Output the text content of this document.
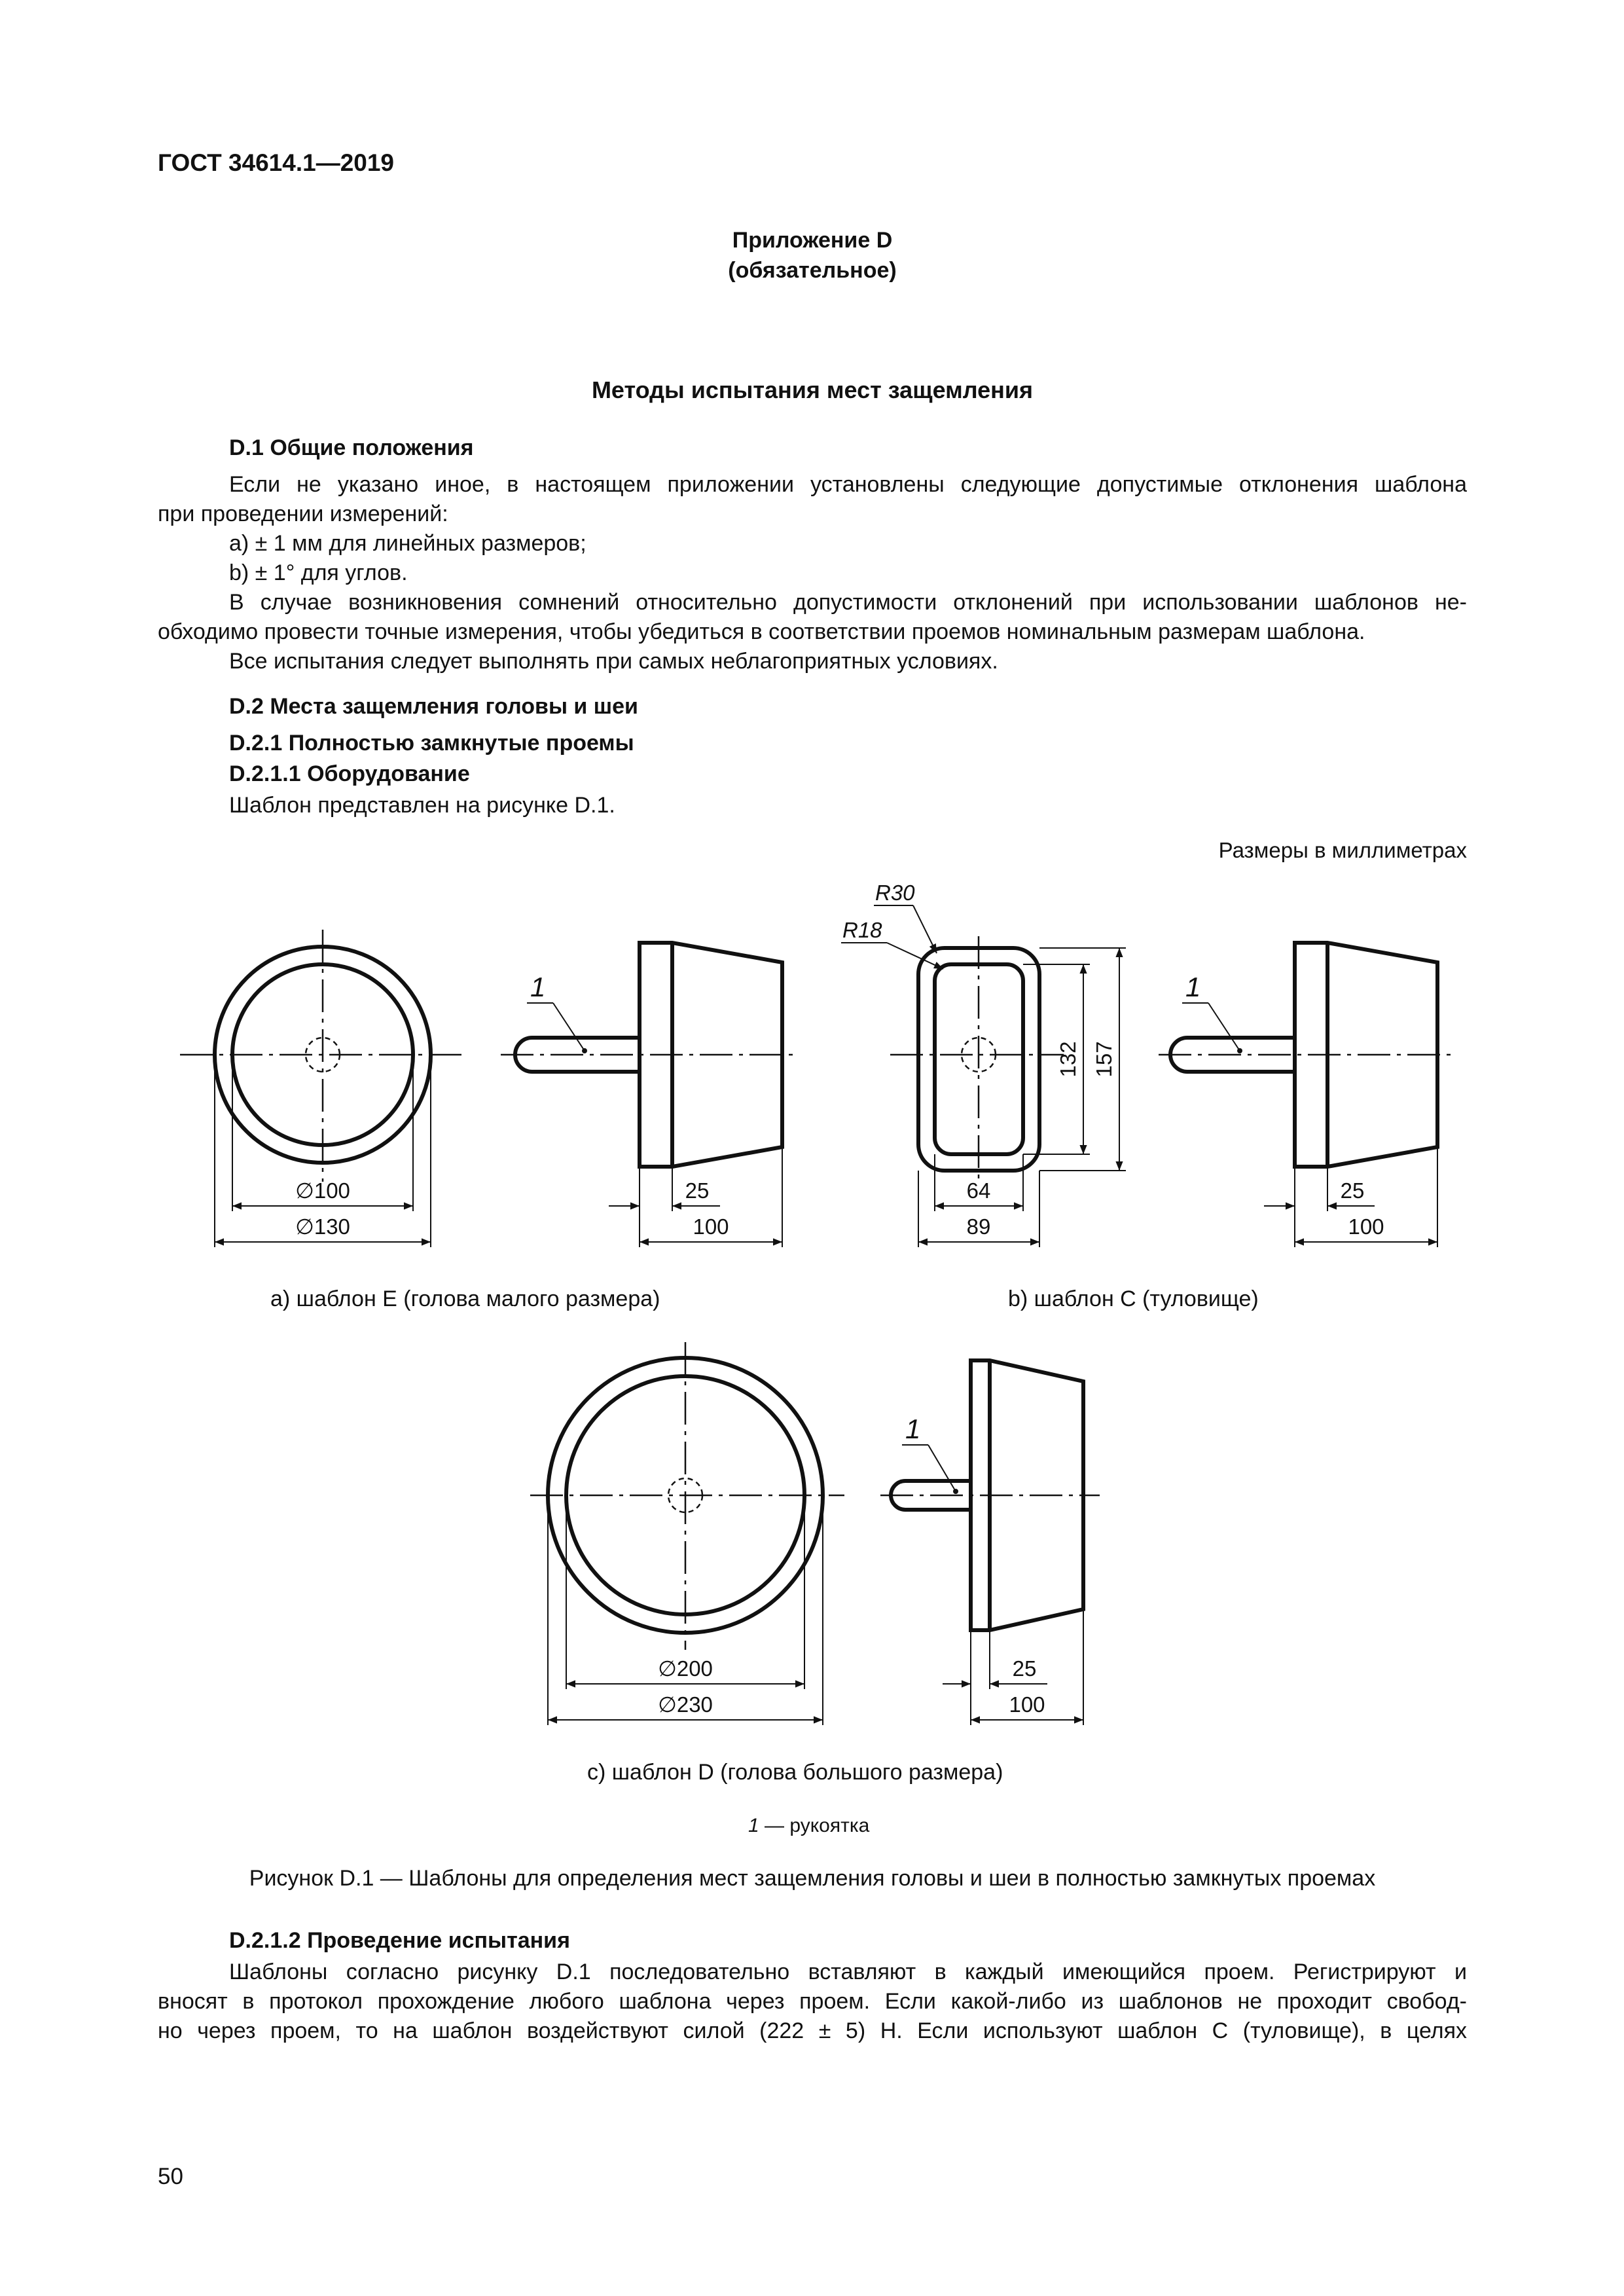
ГОСТ 34614.1—2019
Приложение D
(обязательное)
Методы испытания мест защемления
D.1 Общие положения
Если не указано иное, в настоящем приложении установлены следующие допустимые отклонения шаблона
при проведении измерений:
a) ± 1 мм для линейных размеров;
b) ± 1° для углов.
В случае возникновения сомнений относительно допустимости отклонений при использовании шаблонов не-
обходимо провести точные измерения, чтобы убедиться в соответствии проемов номинальным размерам шаблона.
Все испытания следует выполнять при самых неблагоприятных условиях.
D.2 Места защемления головы и шеи
D.2.1 Полностью замкнутые проемы
D.2.1.1 Оборудование
Шаблон представлен на рисунке D.1.
Размеры в миллиметрах
∅100
∅130
1
25
100
R30
R18
132 157
64
89
1
25
100
∅200
∅230
1
25
100
a) шаблон E (голова малого размера)	b) шаблон C (туловище)
c) шаблон D (голова большого размера)
1 — рукоятка
Рисунок D.1 — Шаблоны для определения мест защемления головы и шеи в полностью замкнутых проемах
D.2.1.2 Проведение испытания
Шаблоны согласно рисунку D.1 последовательно вставляют в каждый имеющийся проем. Регистрируют и
вносят в протокол прохождение любого шаблона через проем. Если какой-либо из шаблонов не проходит свобод-
но через проем, то на шаблон воздействуют силой (222 ± 5) Н. Если используют шаблон C (туловище), в целях
50
